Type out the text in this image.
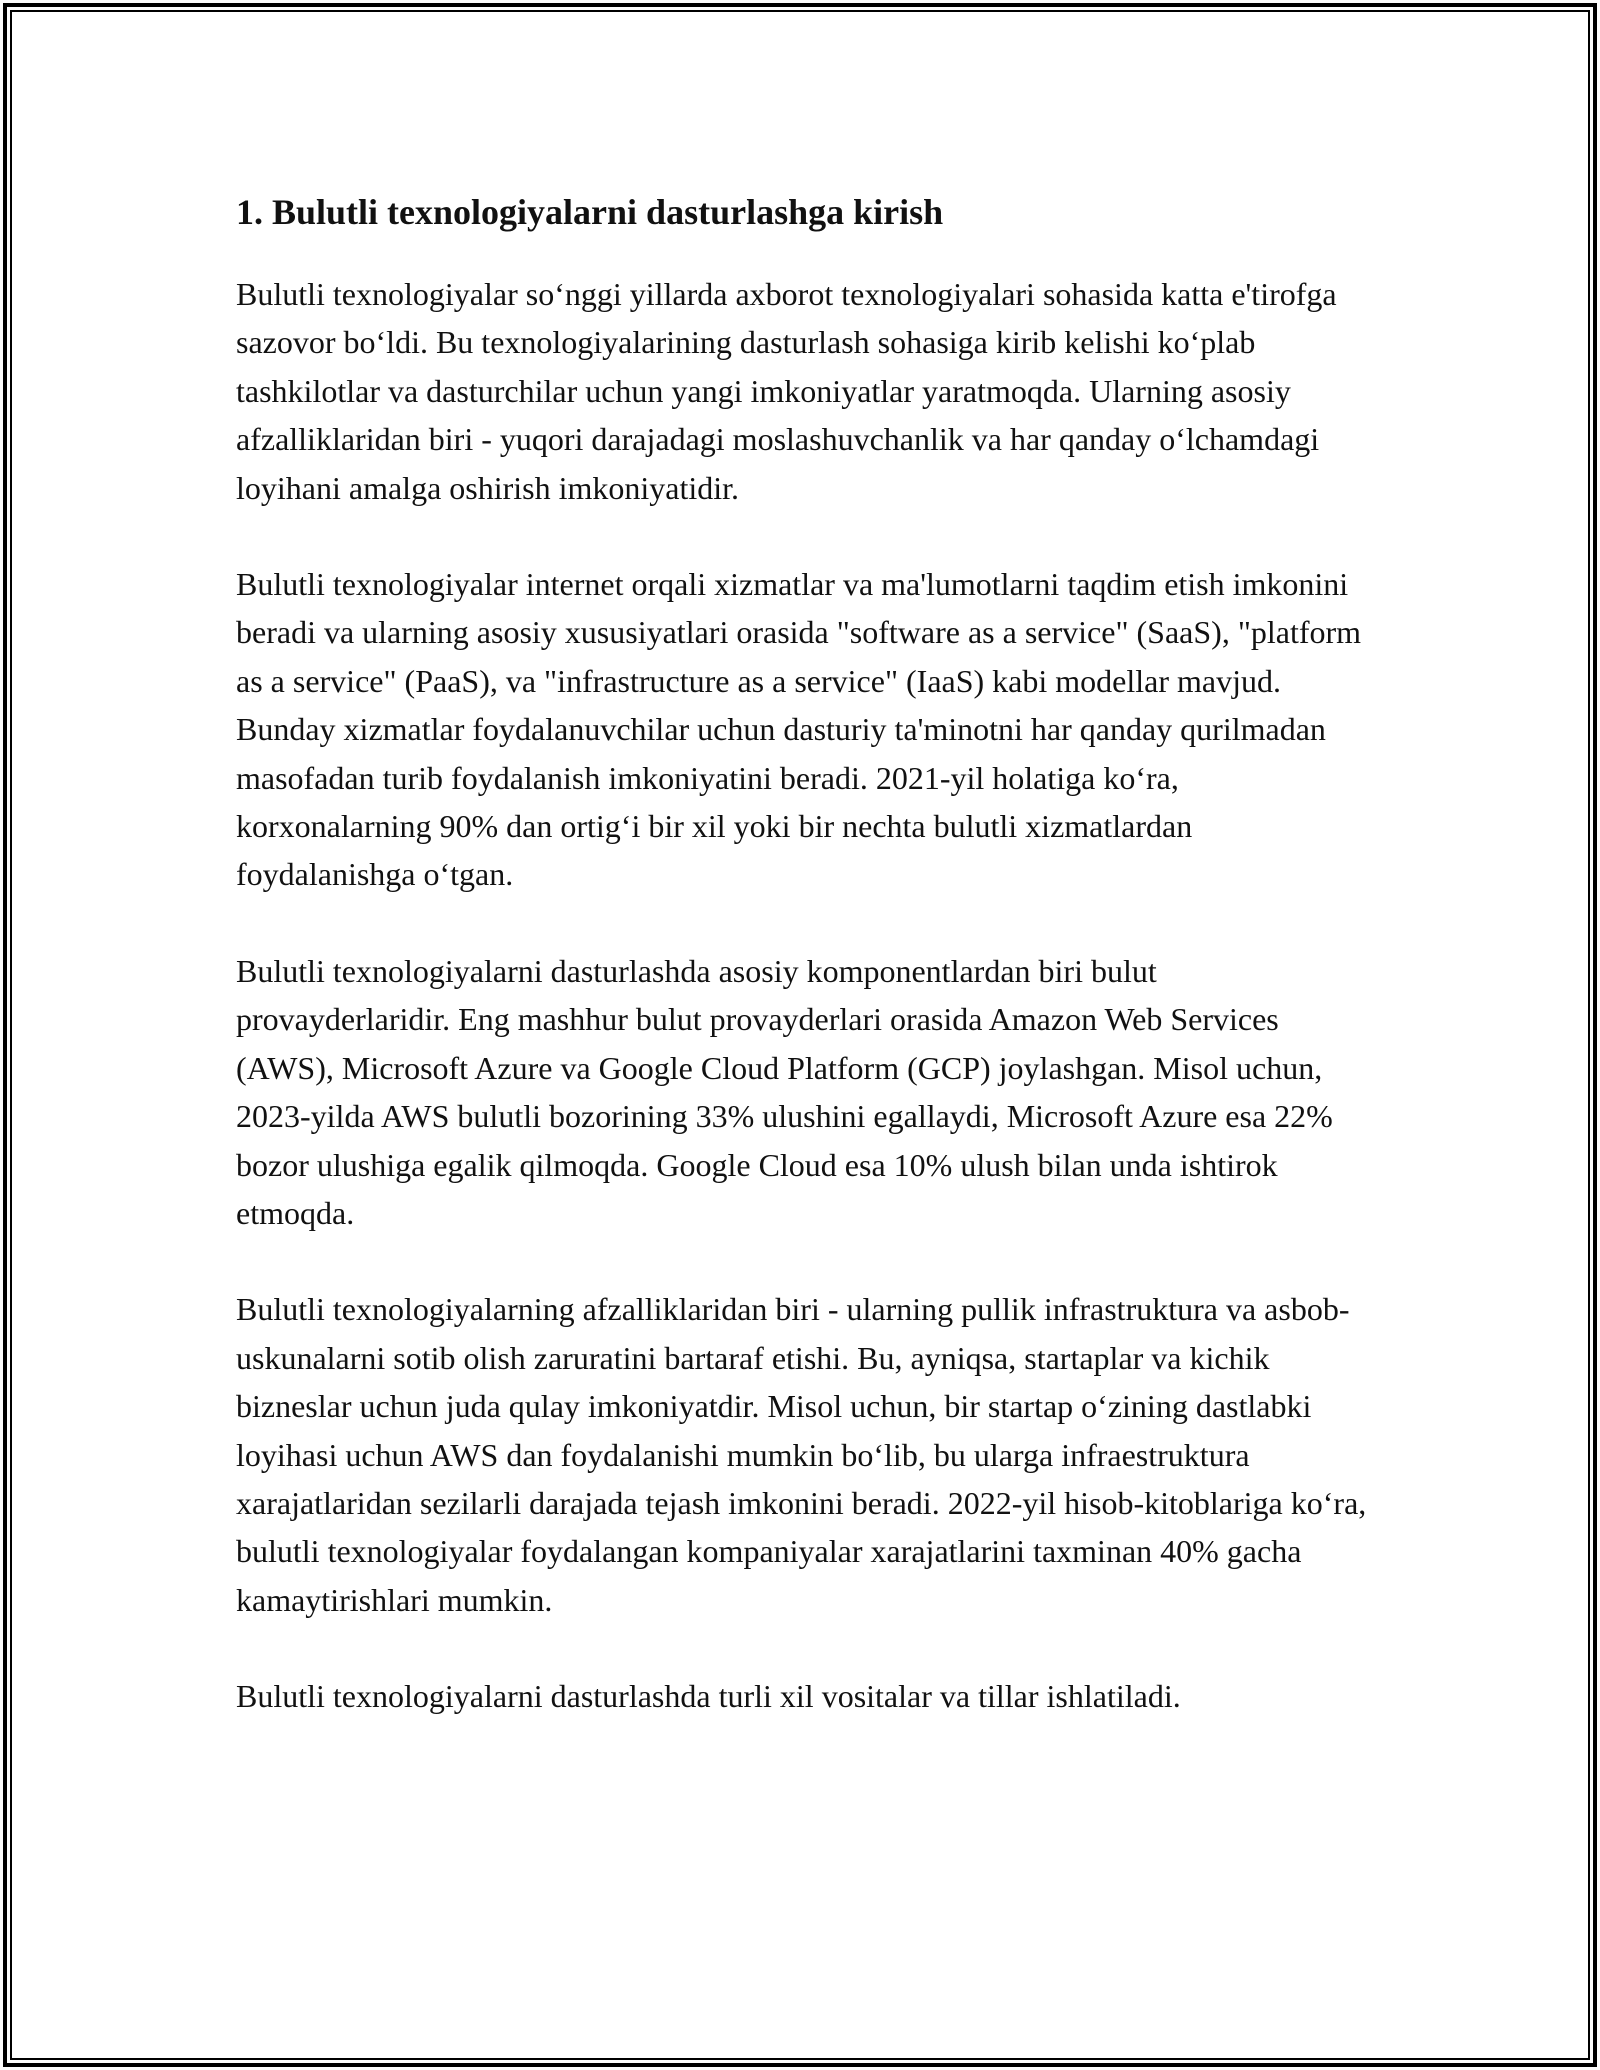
1. Bulutli texnologiyalarni dasturlashga kirish

Bulutli texnologiyalar so‘nggi yillarda axborot texnologiyalari sohasida katta e'tirofga sazovor bo‘ldi. Bu texnologiyalarining dasturlash sohasiga kirib kelishi ko‘plab tashkilotlar va dasturchilar uchun yangi imkoniyatlar yaratmoqda. Ularning asosiy afzalliklaridan biri - yuqori darajadagi moslashuvchanlik va har qanday o‘lchamdagi loyihani amalga oshirish imkoniyatidir.

Bulutli texnologiyalar internet orqali xizmatlar va ma'lumotlarni taqdim etish imkonini beradi va ularning asosiy xususiyatlari orasida "software as a service" (SaaS), "platform as a service" (PaaS), va "infrastructure as a service" (IaaS) kabi modellar mavjud. Bunday xizmatlar foydalanuvchilar uchun dasturiy ta'minotni har qanday qurilmadan masofadan turib foydalanish imkoniyatini beradi. 2021-yil holatiga ko‘ra, korxonalarning 90% dan ortig‘i bir xil yoki bir nechta bulutli xizmatlardan foydalanishga o‘tgan.

Bulutli texnologiyalarni dasturlashda asosiy komponentlardan biri bulut provayderlaridir. Eng mashhur bulut provayderlari orasida Amazon Web Services (AWS), Microsoft Azure va Google Cloud Platform (GCP) joylashgan. Misol uchun, 2023-yilda AWS bulutli bozorining 33% ulushini egallaydi, Microsoft Azure esa 22% bozor ulushiga egalik qilmoqda. Google Cloud esa 10% ulush bilan unda ishtirok etmoqda.

Bulutli texnologiyalarning afzalliklaridan biri - ularning pullik infrastruktura va asbob-uskunalarni sotib olish zaruratini bartaraf etishi. Bu, ayniqsa, startaplar va kichik bizneslar uchun juda qulay imkoniyatdir. Misol uchun, bir startap o‘zining dastlabki loyihasi uchun AWS dan foydalanishi mumkin bo‘lib, bu ularga infraestruktura xarajatlaridan sezilarli darajada tejash imkonini beradi. 2022-yil hisob-kitoblariga ko‘ra, bulutli texnologiyalar foydalangan kompaniyalar xarajatlarini taxminan 40% gacha kamaytirishlari mumkin.

Bulutli texnologiyalarni dasturlashda turli xil vositalar va tillar ishlatiladi.
